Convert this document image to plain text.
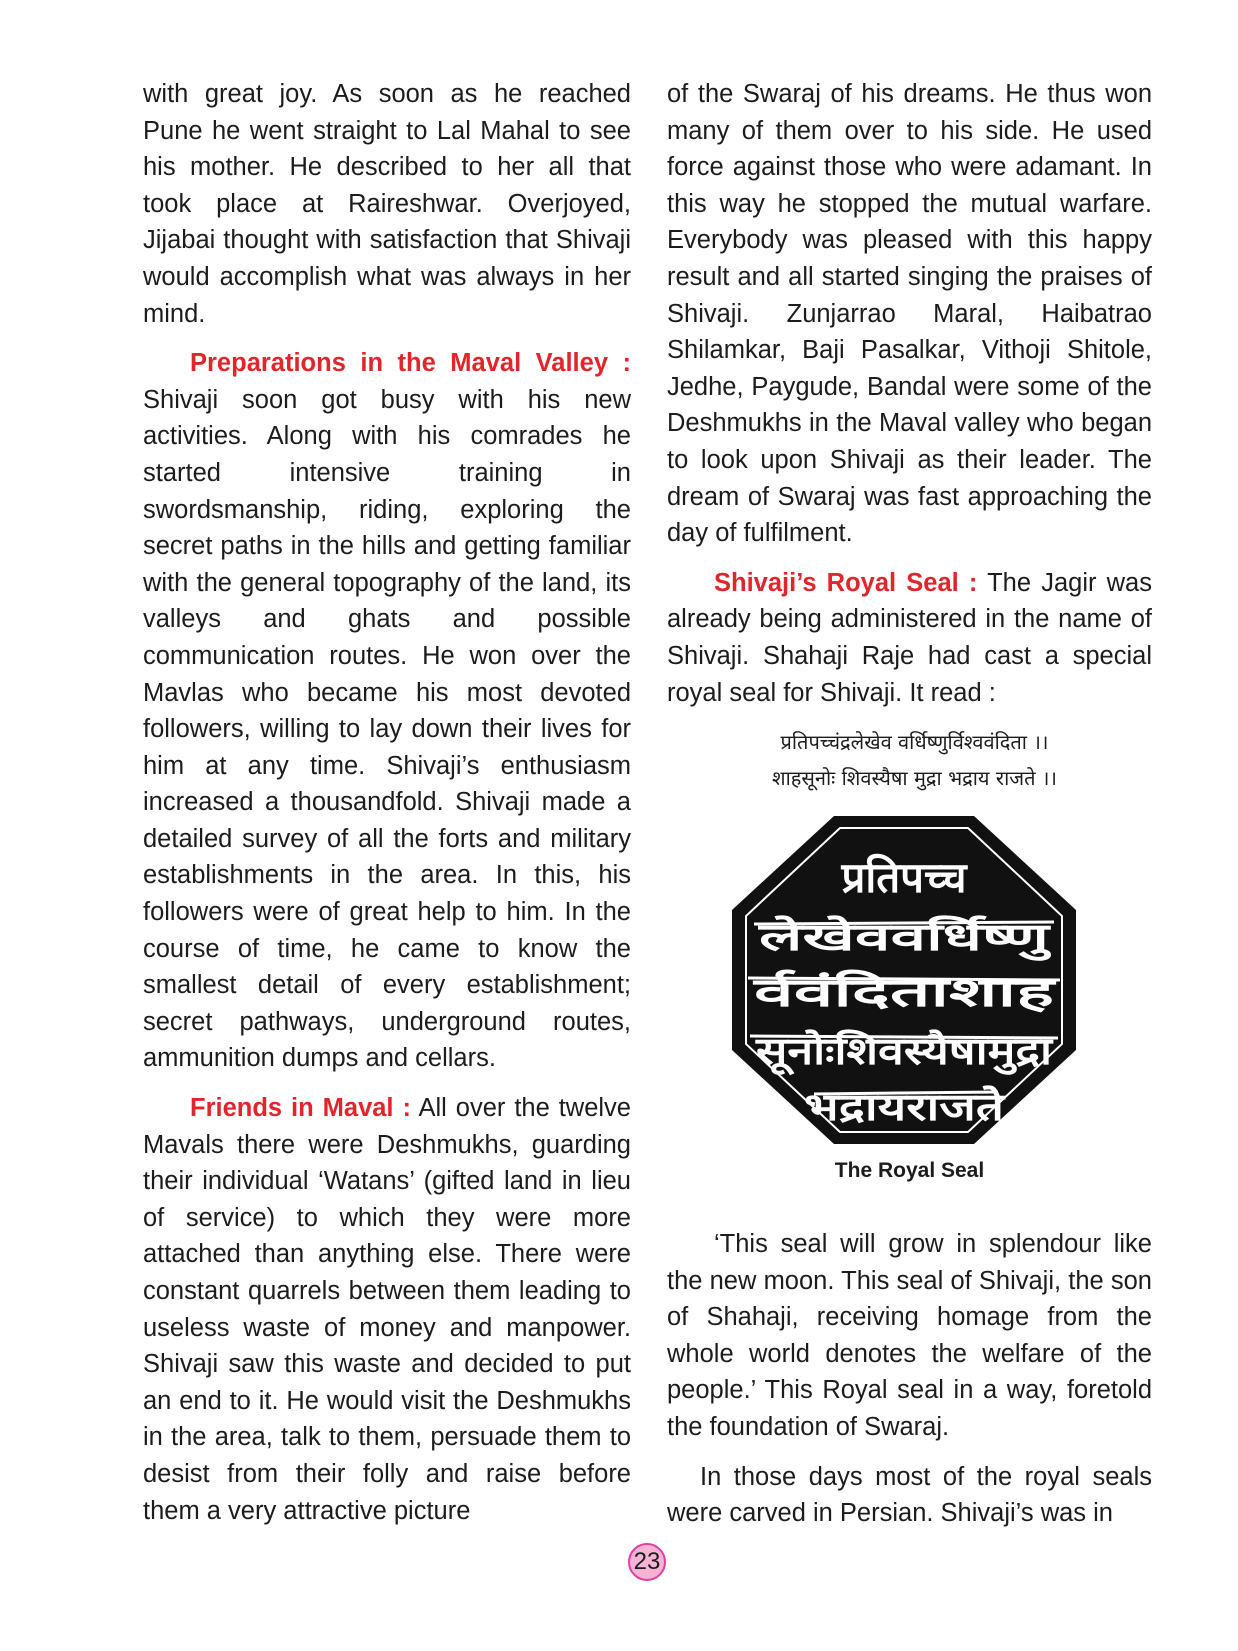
with great joy. As soon as he reached Pune he went straight to Lal Mahal to see his mother. He described to her all that took place at Raireshwar. Overjoyed, Jijabai thought with satisfaction that Shivaji would accomplish what was always in her mind.

Preparations in the Maval Valley : Shivaji soon got busy with his new activities. Along with his comrades he started intensive training in swordsmanship, riding, exploring the secret paths in the hills and getting familiar with the general topography of the land, its valleys and ghats and possible communication routes. He won over the Mavlas who became his most devoted followers, willing to lay down their lives for him at any time. Shivaji’s enthusiasm increased a thousandfold. Shivaji made a detailed survey of all the forts and military establishments in the area. In this, his followers were of great help to him. In the course of time, he came to know the smallest detail of every establishment; secret pathways, underground routes, ammunition dumps and cellars.

Friends in Maval : All over the twelve Mavals there were Deshmukhs, guarding their individual ‘Watans’ (gifted land in lieu of service) to which they were more attached than anything else. There were constant quarrels between them leading to useless waste of money and manpower. Shivaji saw this waste and decided to put an end to it. He would visit the Deshmukhs in the area, talk to them, persuade them to desist from their folly and raise before them a very attractive picture

of the Swaraj of his dreams. He thus won many of them over to his side. He used force against those who were adamant. In this way he stopped the mutual warfare. Everybody was pleased with this happy result and all started singing the praises of Shivaji. Zunjarrao Maral, Haibatrao Shilamkar, Baji Pasalkar, Vithoji Shitole, Jedhe, Paygude, Bandal were some of the Deshmukhs in the Maval valley who began to look upon Shivaji as their leader. The dream of Swaraj was fast approaching the day of fulfilment.

Shivaji’s Royal Seal : The Jagir was already being administered in the name of Shivaji. Shahaji Raje had cast a special royal seal for Shivaji. It read :

प्रतिपच्चंद्रलेखेव वर्धिष्णुर्विश्ववंदिता ।।

शाहसूनोः शिवस्यैषा मुद्रा भद्राय राजते ।।

प्रतिपच्च
लेखेववर्धिष्णु
र्ववंदिताशाह
सूनोःशिवस्यैषामुद्रा
भद्रायराजते

The Royal Seal

‘This seal will grow in splendour like the new moon. This seal of Shivaji, the son of Shahaji, receiving homage from the whole world denotes the welfare of the people.’ This Royal seal in a way, foretold the foundation of Swaraj.

In those days most of the royal seals were carved in Persian. Shivaji’s was in

23
